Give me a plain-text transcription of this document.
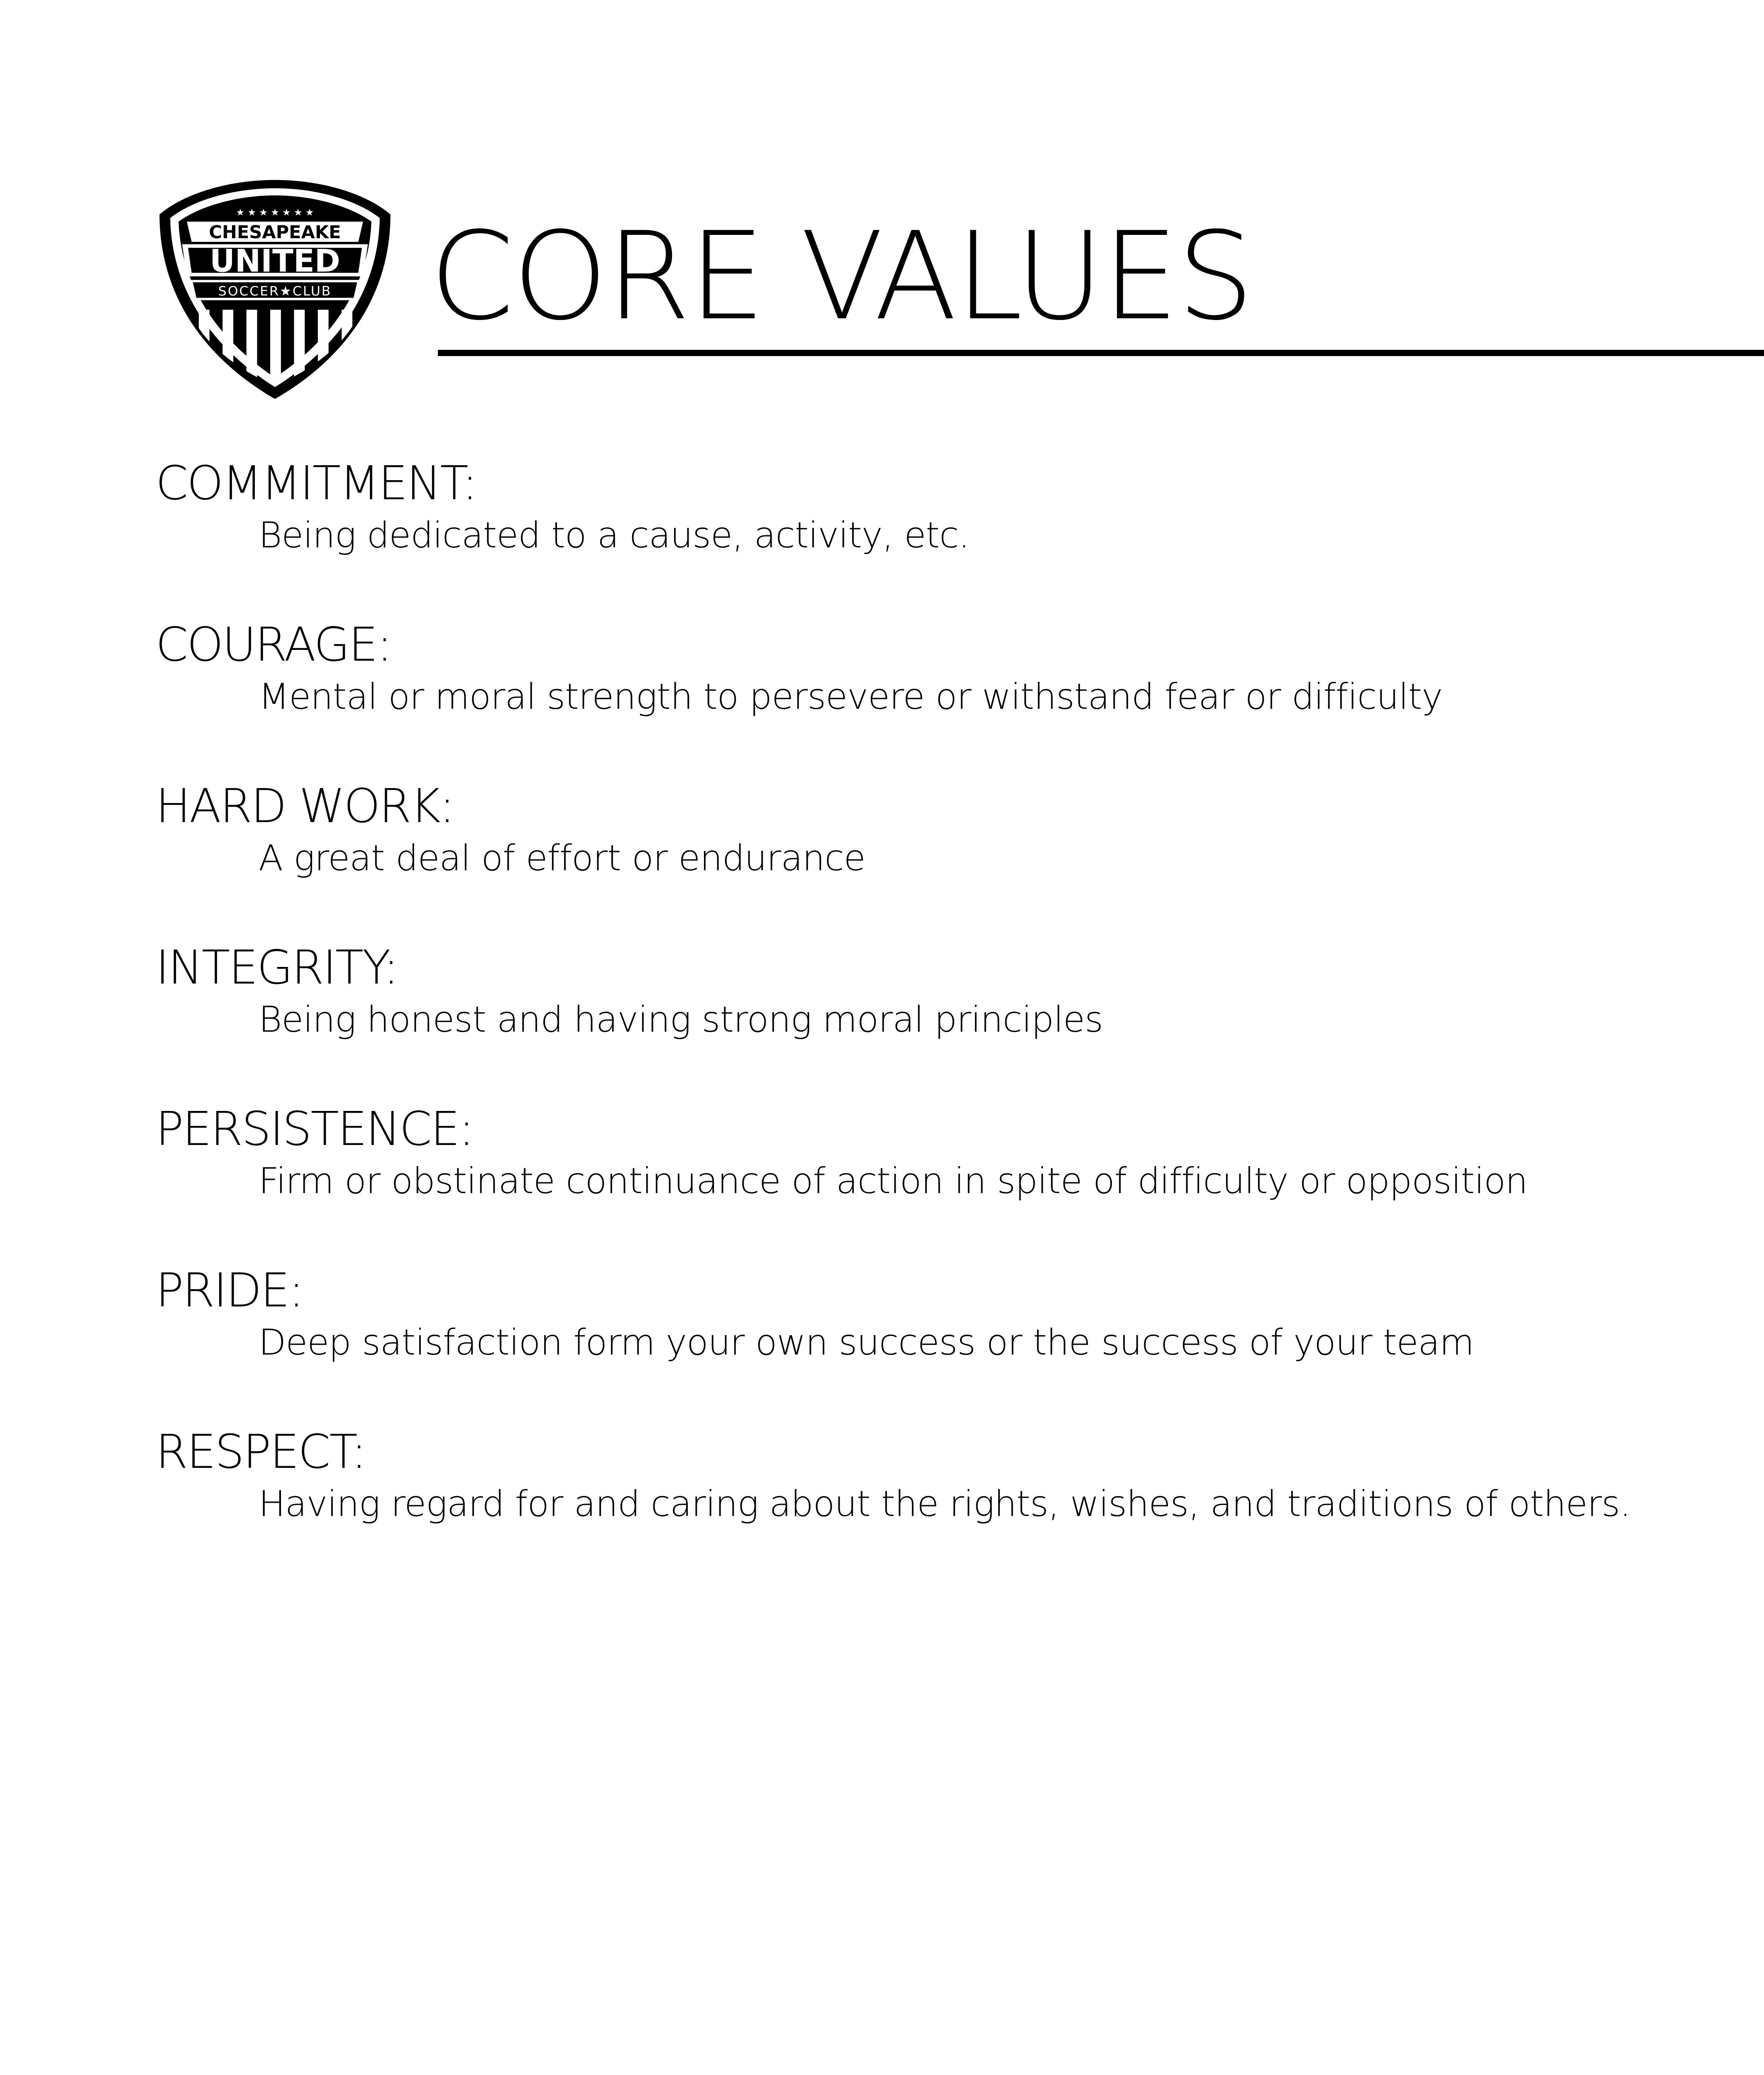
★ ★ ★ ★ ★ ★ ★
CHESAPEAKE
UNITED
SOCCER★CLUB CORE VALUES
COMMITMENT:
Being dedicated to a cause, activity, etc.
COURAGE:
Mental or moral strength to persevere or withstand fear or difficulty
HARD WORK:
A great deal of effort or endurance
INTEGRITY:
Being honest and having strong moral principles
PERSISTENCE:
Firm or obstinate continuance of action in spite of difficulty or opposition
PRIDE:
Deep satisfaction form your own success or the success of your team
RESPECT:
Having regard for and caring about the rights, wishes, and traditions of others.
